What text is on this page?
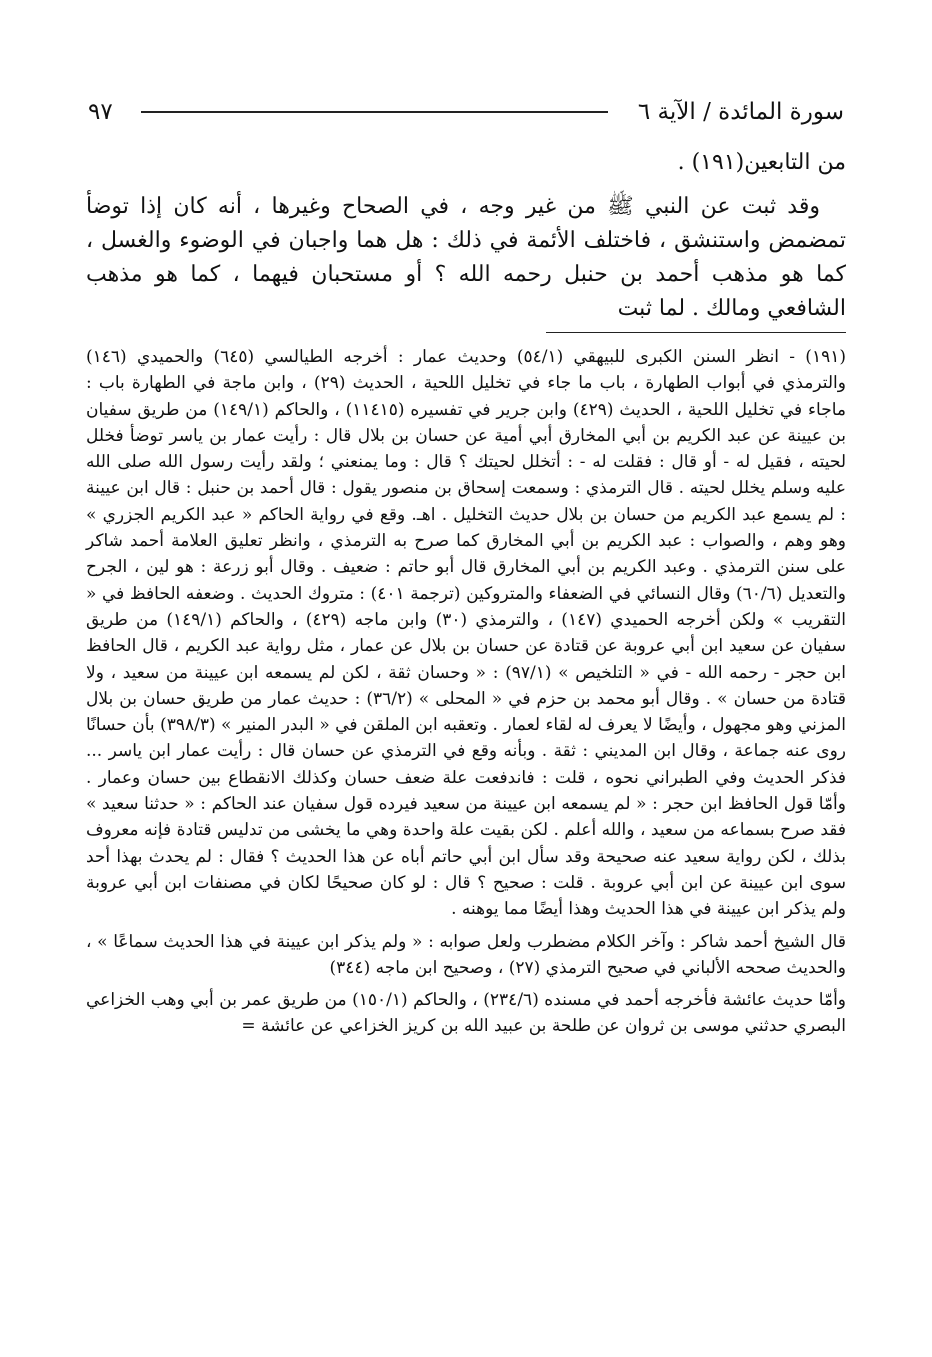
سورة المائدة / الآية ٦
٩٧

من التابعين(١٩١) .

وقد ثبت عن النبي ﷺ من غير وجه ، في الصحاح وغيرها ، أنه كان إذا توضأ تمضمض واستنشق ، فاختلف الأئمة في ذلك : هل هما واجبان في الوضوء والغسل ، كما هو مذهب أحمد بن حنبل رحمه الله ؟ أو مستحبان فيهما ، كما هو مذهب الشافعي ومالك . لما ثبت

(١٩١) - انظر السنن الكبرى للبيهقي (٥٤/١) وحديث عمار : أخرجه الطيالسي (٦٤٥) والحميدي (١٤٦) والترمذي في أبواب الطهارة ، باب ما جاء في تخليل اللحية ، الحديث (٢٩) ، وابن ماجة في الطهارة باب : ماجاء في تخليل اللحية ، الحديث (٤٢٩) وابن جرير في تفسيره (١١٤١٥) ، والحاكم (١٤٩/١) من طريق سفيان بن عيينة عن عبد الكريم بن أبي المخارق أبي أمية عن حسان بن بلال قال : رأيت عمار بن ياسر توضأ فخلل لحيته ، فقيل له - أو قال : فقلت له - : أتخلل لحيتك ؟ قال : وما يمنعني ؛ ولقد رأيت رسول الله صلى الله عليه وسلم يخلل لحيته . قال الترمذي : وسمعت إسحاق بن منصور يقول : قال أحمد بن حنبل : قال ابن عيينة : لم يسمع عبد الكريم من حسان بن بلال حديث التخليل . اهـ. وقع في رواية الحاكم « عبد الكريم الجزري » وهو وهم ، والصواب : عبد الكريم بن أبي المخارق كما صرح به الترمذي ، وانظر تعليق العلامة أحمد شاكر على سنن الترمذي . وعبد الكريم بن أبي المخارق قال أبو حاتم : ضعيف . وقال أبو زرعة : هو لين ، الجرح والتعديل (٦٠/٦) وقال النسائي في الضعفاء والمتروكين (ترجمة ٤٠١) : متروك الحديث . وضعفه الحافظ في « التقريب » ولكن أخرجه الحميدي (١٤٧) ، والترمذي (٣٠) وابن ماجه (٤٢٩) ، والحاكم (١٤٩/١) من طريق سفيان عن سعيد ابن أبي عروبة عن قتادة عن حسان بن بلال عن عمار ، مثل رواية عبد الكريم ، قال الحافظ ابن حجر - رحمه الله - في « التلخيص » (٩٧/١) : « وحسان ثقة ، لكن لم يسمعه ابن عيينة من سعيد ، ولا قتادة من حسان » . وقال أبو محمد بن حزم في « المحلى » (٣٦/٢) : حديث عمار من طريق حسان بن بلال المزني وهو مجهول ، وأيضًا لا يعرف له لقاء لعمار . وتعقبه ابن الملقن في « البدر المنير » (٣٩٨/٣) بأن حسانًا روى عنه جماعة ، وقال ابن المديني : ثقة . وبأنه وقع في الترمذي عن حسان قال : رأيت عمار ابن ياسر ... فذكر الحديث وفي الطبراني نحوه ، قلت : فاندفعت علة ضعف حسان وكذلك الانقطاع بين حسان وعمار . وأمّا قول الحافظ ابن حجر : « لم يسمعه ابن عيينة من سعيد فيرده قول سفيان عند الحاكم : « حدثنا سعيد » فقد صرح بسماعه من سعيد ، والله أعلم . لكن بقيت علة واحدة وهي ما يخشى من تدليس قتادة فإنه معروف بذلك ، لكن رواية سعيد عنه صحيحة وقد سأل ابن أبي حاتم أباه عن هذا الحديث ؟ فقال : لم يحدث بهذا أحد سوى ابن عيينة عن ابن أبي عروبة . قلت : صحيح ؟ قال : لو كان صحيحًا لكان في مصنفات ابن أبي عروبة ولم يذكر ابن عيينة في هذا الحديث وهذا أيضًا مما يوهنه .

قال الشيخ أحمد شاكر : وآخر الكلام مضطرب ولعل صوابه : « ولم يذكر ابن عيينة في هذا الحديث سماعًا » ، والحديث صححه الألباني في صحيح الترمذي (٢٧) ، وصحيح ابن ماجه (٣٤٤)

وأمّا حديث عائشة فأخرجه أحمد في مسنده (٢٣٤/٦) ، والحاكم (١٥٠/١) من طريق عمر بن أبي وهب الخزاعي البصري حدثني موسى بن ثروان عن طلحة بن عبيد الله بن كريز الخزاعي عن عائشة =
